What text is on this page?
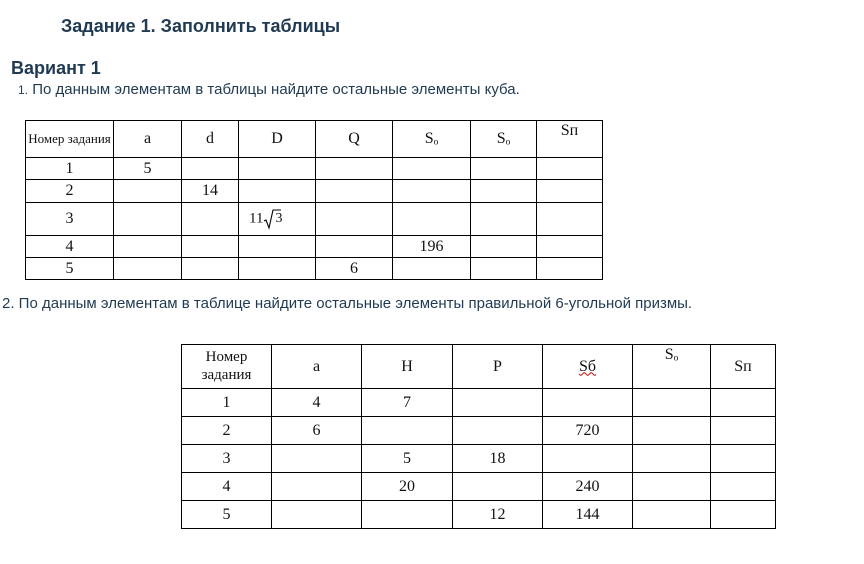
Задание 1. Заполнить таблицы
Вариант 1

1. По данным элементам в таблицы найдите остальные элементы куба.

Номер задания	a	d	D	Q	Sₒ	Sₒ	Sп
1	5						
2		14					
3			11 3				
4					196		
5				6			

2. По данным элементам в таблице найдите остальные элементы правильной 6-угольной призмы.

Номер задания	a	H	P	Sб	Sₒ	Sп
1	4	7				
2	6			720		
3		5	18			
4		20		240		
5			12	144		
